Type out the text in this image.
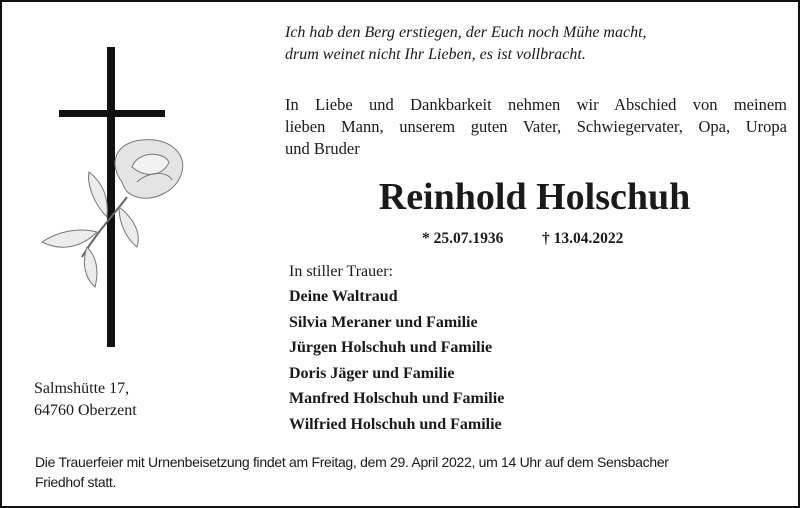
Ich hab den Berg erstiegen, der Euch noch Mühe macht,
drum weinet nicht Ihr Lieben, es ist vollbracht.
In Liebe und Dankbarkeit nehmen wir Abschied von meinem
lieben Mann, unserem guten Vater, Schwiegervater, Opa, Uropa
und Bruder
Reinhold Holschuh
* 25.07.1936 † 13.04.2022
In stiller Trauer:
Deine Waltraud
Silvia Meraner und Familie
Jürgen Holschuh und Familie
Doris Jäger und Familie
Manfred Holschuh und Familie
Wilfried Holschuh und Familie
Salmshütte 17,
64760 Oberzent
Die Trauerfeier mit Urnenbeisetzung findet am Freitag, dem 29. April 2022, um 14 Uhr auf dem Sensbacher
Friedhof statt.
